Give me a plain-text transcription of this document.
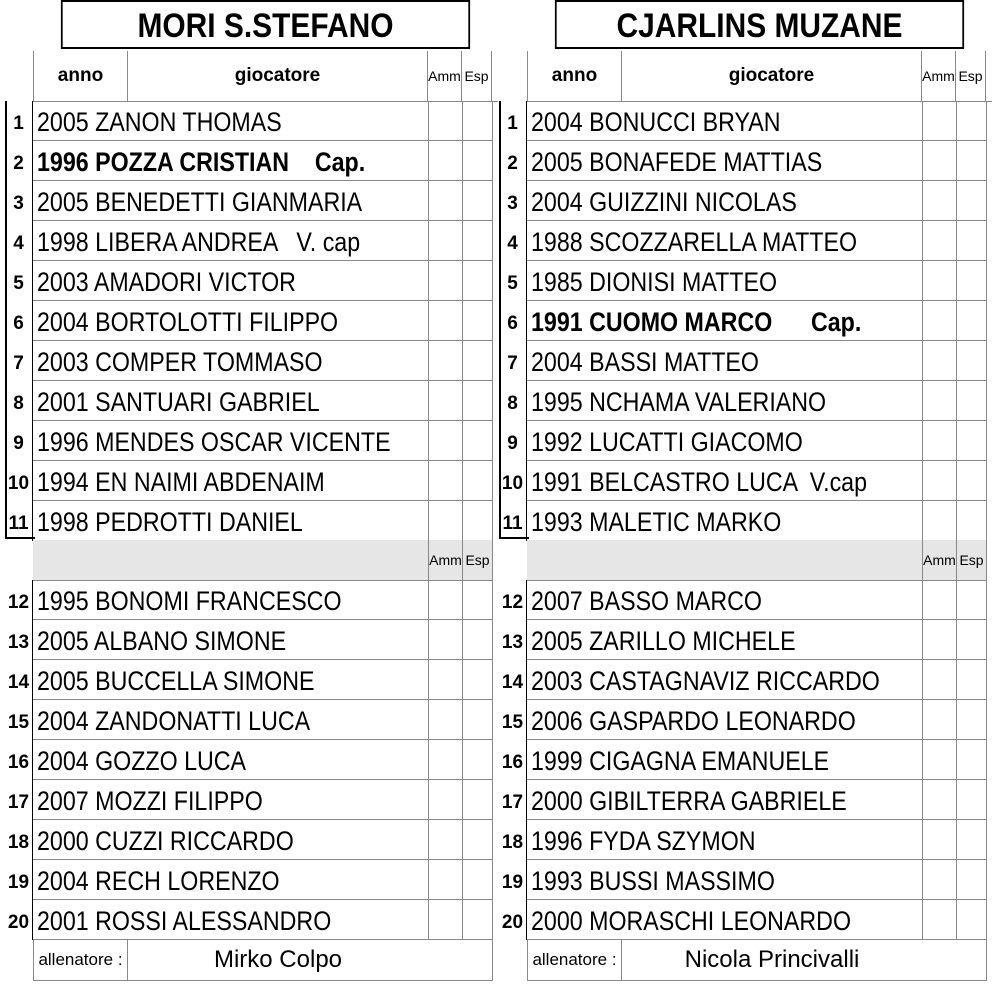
MORI S.STEFANO
anno	giocatore	Amm Esp
1 2005 ZANON THOMAS
2 1996 POZZA CRISTIAN    Cap.
3 2005 BENEDETTI GIANMARIA
4 1998 LIBERA ANDREA   V. cap
5 2003 AMADORI VICTOR
6 2004 BORTOLOTTI FILIPPO
7 2003 COMPER TOMMASO
8 2001 SANTUARI GABRIEL
9 1996 MENDES OSCAR VICENTE
10 1994 EN NAIMI ABDENAIM
11 1998 PEDROTTI DANIEL
Amm Esp
12 1995 BONOMI FRANCESCO
13 2005 ALBANO SIMONE
14 2005 BUCCELLA SIMONE
15 2004 ZANDONATTI LUCA
16 2004 GOZZO LUCA
17 2007 MOZZI FILIPPO
18 2000 CUZZI RICCARDO
19 2004 RECH LORENZO
20 2001 ROSSI ALESSANDRO
allenatore :	Mirko Colpo
CJARLINS MUZANE
anno	giocatore	Amm Esp
1 2004 BONUCCI BRYAN
2 2005 BONAFEDE MATTIAS
3 2004 GUIZZINI NICOLAS
4 1988 SCOZZARELLA MATTEO
5 1985 DIONISI MATTEO
6 1991 CUOMO MARCO      Cap.
7 2004 BASSI MATTEO
8 1995 NCHAMA VALERIANO
9 1992 LUCATTI GIACOMO
10 1991 BELCASTRO LUCA  V.cap
11 1993 MALETIC MARKO
Amm Esp
12 2007 BASSO MARCO
13 2005 ZARILLO MICHELE
14 2003 CASTAGNAVIZ RICCARDO
15 2006 GASPARDO LEONARDO
16 1999 CIGAGNA EMANUELE
17 2000 GIBILTERRA GABRIELE
18 1996 FYDA SZYMON
19 1993 BUSSI MASSIMO
20 2000 MORASCHI LEONARDO
allenatore :	Nicola Princivalli
